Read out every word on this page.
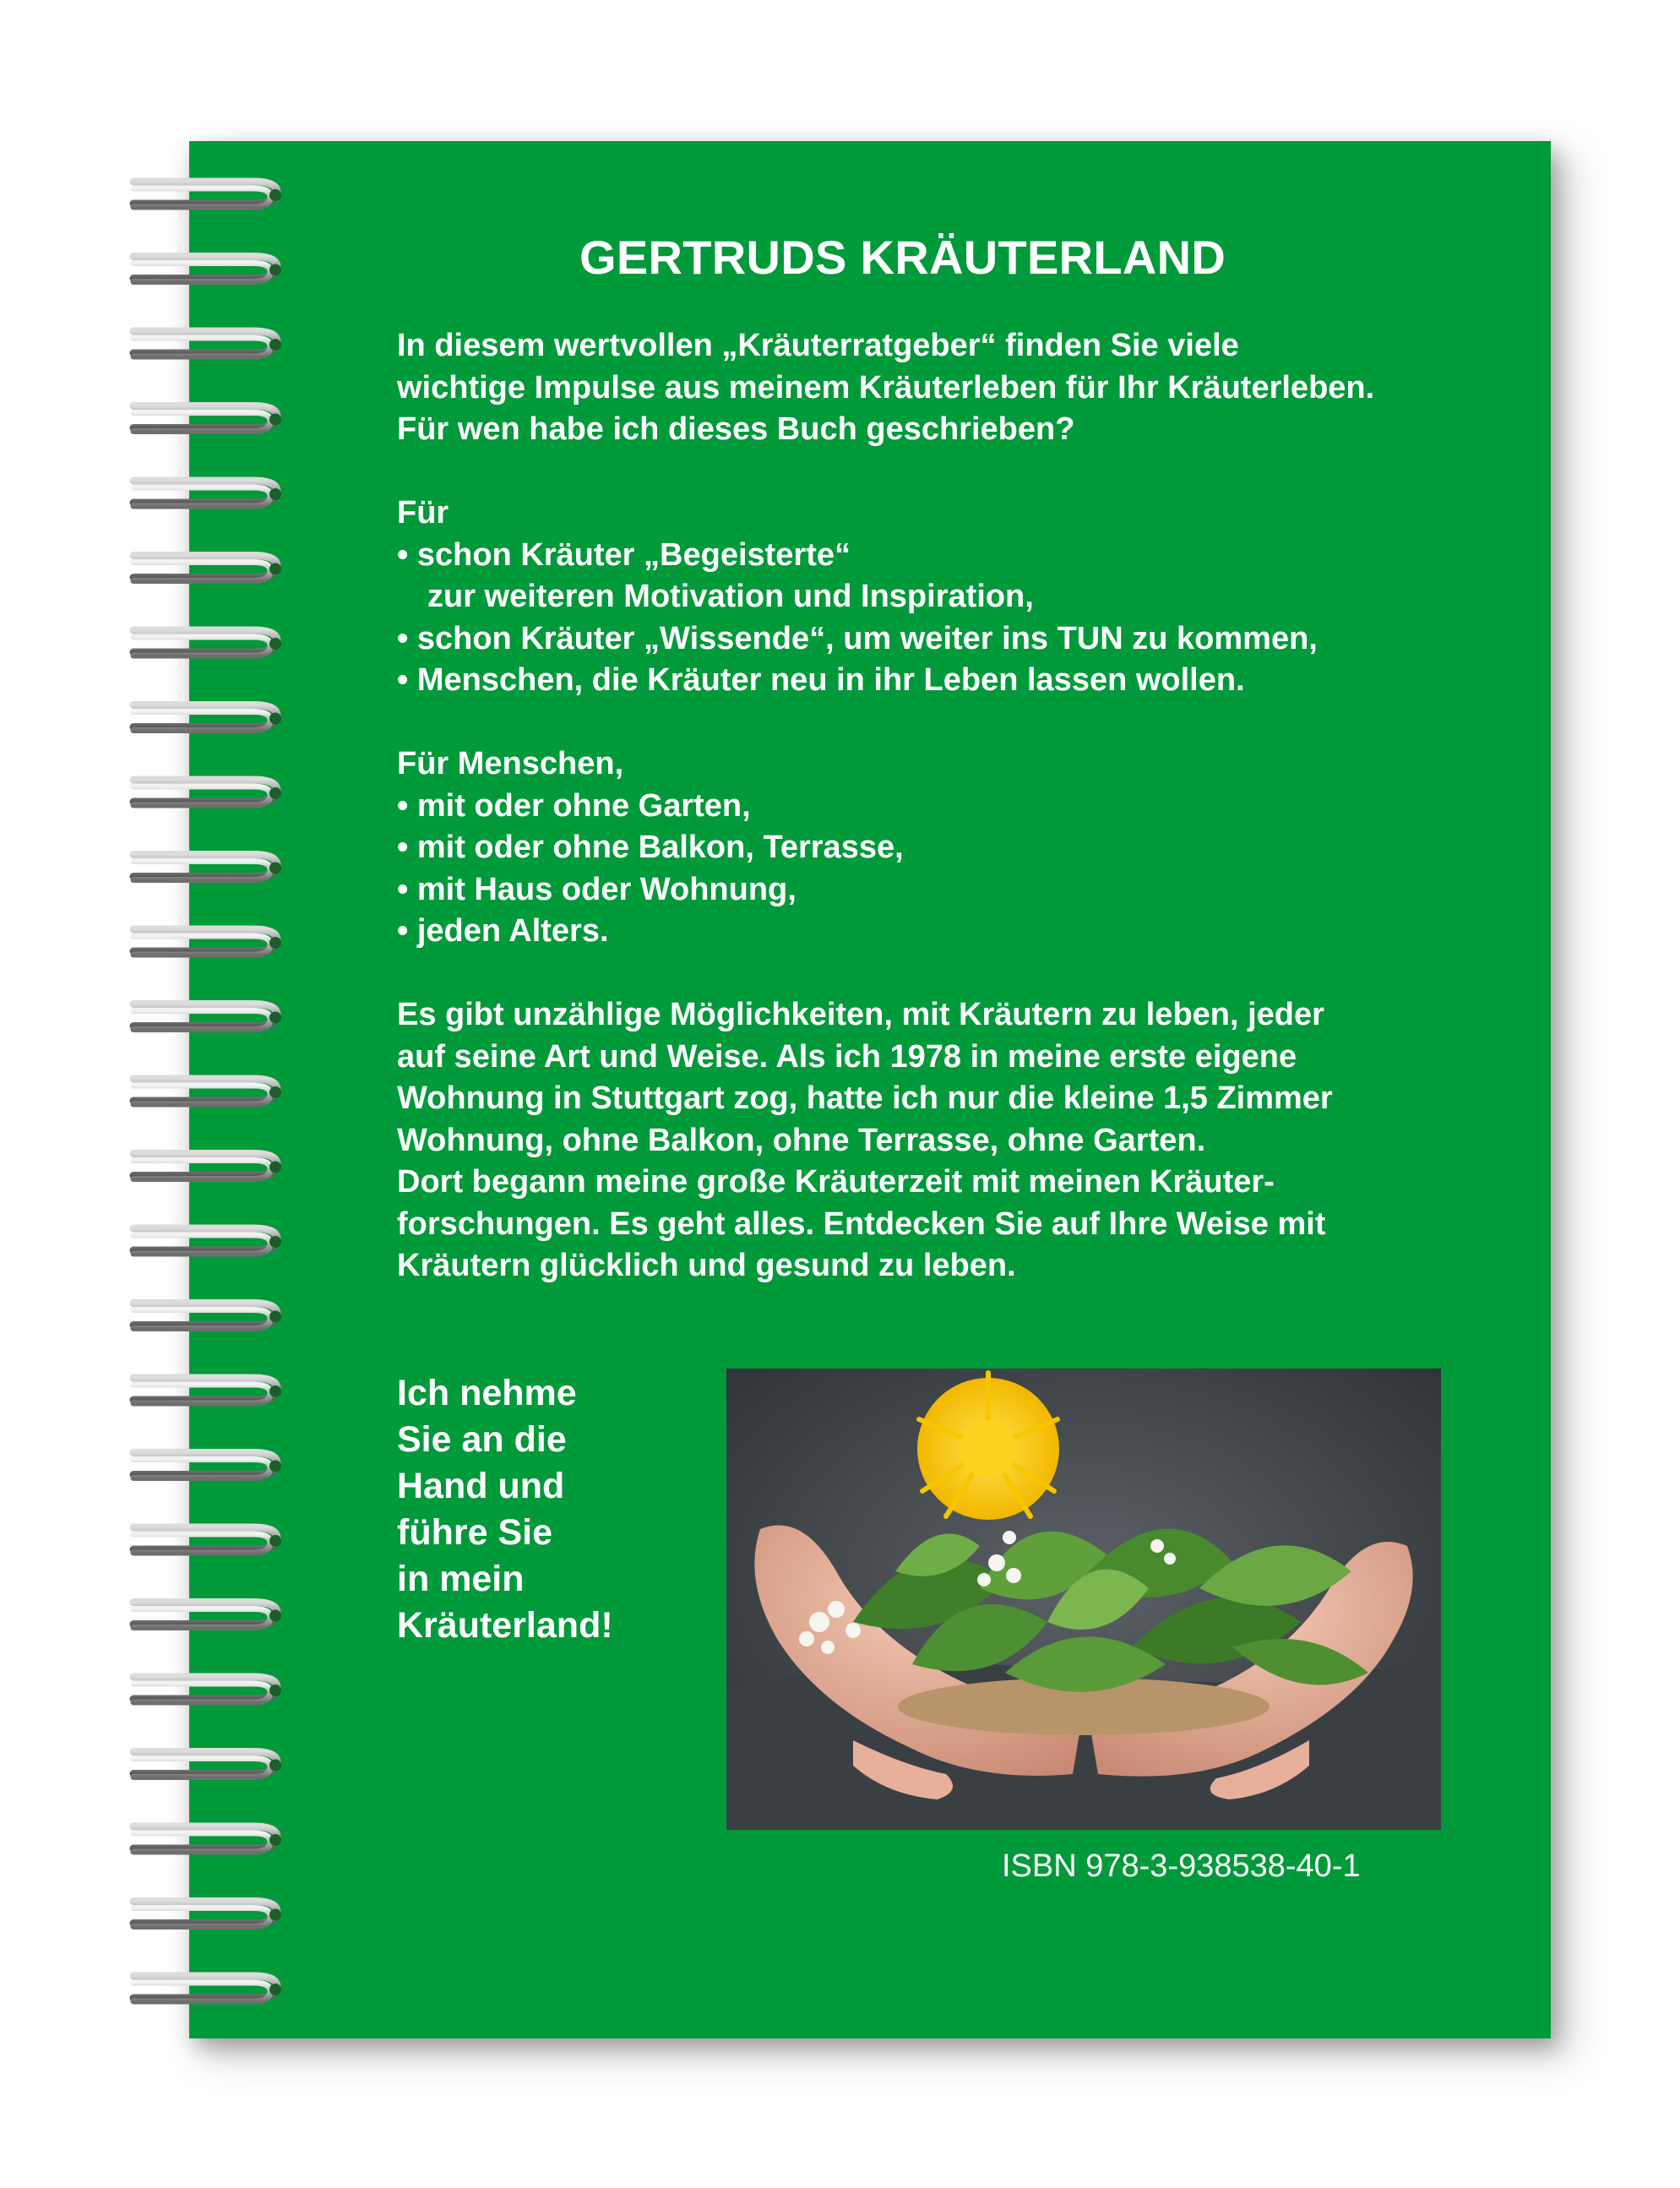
GERTRUDS KRÄUTERLAND
In diesem wertvollen „Kräuterratgeber“ finden Sie viele
wichtige Impulse aus meinem Kräuterleben für Ihr Kräuterleben.
Für wen habe ich dieses Buch geschrieben?
Für
• schon Kräuter „Begeisterte“
zur weiteren Motivation und Inspiration,
• schon Kräuter „Wissende“, um weiter ins TUN zu kommen,
• Menschen, die Kräuter neu in ihr Leben lassen wollen.
Für Menschen,
• mit oder ohne Garten,
• mit oder ohne Balkon, Terrasse,
• mit Haus oder Wohnung,
• jeden Alters.
Es gibt unzählige Möglichkeiten, mit Kräutern zu leben, jeder
auf seine Art und Weise. Als ich 1978 in meine erste eigene
Wohnung in Stuttgart zog, hatte ich nur die kleine 1,5 Zimmer
Wohnung, ohne Balkon, ohne Terrasse, ohne Garten.
Dort begann meine große Kräuterzeit mit meinen Kräuter-
forschungen. Es geht alles. Entdecken Sie auf Ihre Weise mit
Kräutern glücklich und gesund zu leben.
Ich nehme
Sie an die
Hand und
führe Sie
in mein
Kräuterland!
ISBN 978-3-938538-40-1
